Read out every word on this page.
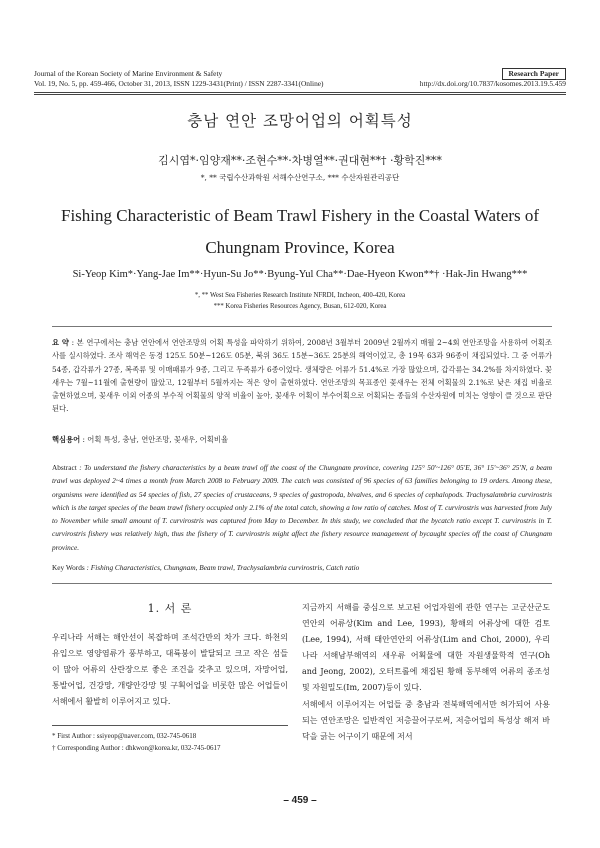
Journal of the Korean Society of Marine Environment & Safety
Vol. 19, No. 5, pp. 459-466, October 31, 2013, ISSN 1229-3431(Print) / ISSN 2287-3341(Online)
Research Paper
http://dx.doi.org/10.7837/kosomes.2013.19.5.459
충남 연안 조망어업의 어획특성
김시엽*·임양재**·조현수**·차병열**·권대현**† ·황학진***
*, ** 국립수산과학원 서해수산연구소, *** 수산자원관리공단
Fishing Characteristic of Beam Trawl Fishery in the Coastal Waters of Chungnam Province, Korea
Si-Yeop Kim*·Yang-Jae Im**·Hyun-Su Jo**·Byung-Yul Cha**·Dae-Hyeon Kwon**† ·Hak-Jin Hwang***
*, ** West Sea Fisheries Research Institute NFRDI, Incheon, 400-420, Korea
*** Korea Fisheries Resources Agency, Busan, 612-020, Korea
요 약 : 본 연구에서는 충남 연안에서 연안조망의 어획 특성을 파악하기 위하여, 2008년 3월부터 2009년 2월까지 매월 2~4회 연안조망을 사용하여 어획조사를 실시하였다. 조사 해역은 동경 125도 50분~126도 05분, 북위 36도 15분~36도 25분의 해역이었고, 총 19목 63과 96종이 채집되었다. 그 중 어류가 54종, 갑각류가 27종, 복족류 및 이매패류가 9종, 그리고 두족류가 6종이었다. 생체량은 어류가 51.4%로 가장 많았으며, 갑각류는 34.2%를 차지하였다. 꽃새우는 7월~11월에 출현량이 많았고, 12월부터 5월까지는 적은 양이 출현하였다. 연안조망의 목표종인 꽃새우는 전체 어획물의 2.1%로 낮은 채집 비율로 출현하였으며, 꽃새우 이외 어종의 부수적 어획물의 양적 비율이 높아, 꽃새우 어획이 부수어획으로 어획되는 종들의 수산자원에 미치는 영향이 클 것으로 판단된다.
핵심용어 : 어획 특성, 충남, 연안조망, 꽃새우, 어획비율
Abstract : To understand the fishery characteristics by a beam trawl off the coast of the Chungnam province, covering 125° 50'~126° 05'E, 36° 15'~36° 25'N, a beam trawl was deployed 2~4 times a month from March 2008 to February 2009. The catch was consisted of 96 species of 63 families belonging to 19 orders. Among these, organisms were identified as 54 species of fish, 27 species of crustaceans, 9 species of gastropoda, bivalves, and 6 species of cephalopods. Trachysalambria curvirostris which is the target species of the beam trawl fishery occupied only 2.1% of the total catch, showing a low ratio of catches. Most of T. curvirostris was harvested from July to November while small amount of T. curvirostris was captured from May to December. In this study, we concluded that the bycatch ratio except T. curvirostris in T. curvirostris fishery was relatively high, thus the fishery of T. curvirostris might affect the fishery resource management of bycaught species off the coast of Chungnam province.
Key Words : Fishing Characteristics, Chungnam, Beam trawl, Trachysalambria curvirostris, Catch ratio
1. 서 론

우리나라 서해는 해안선이 복잡하며 조석간만의 차가 크다. 하천의 유입으로 영양염류가 풍부하고, 대륙붕이 발달되고 크고 작은 섬들이 많아 어류의 산란장으로 좋은 조건을 갖추고 있으며, 자망어업, 통발어업, 건강망, 개량안강망 및 구획어업을 비롯한 많은 어업들이 서해에서 활발히 이루어지고 있다.

지금까지 서해를 중심으로 보고된 어업자원에 관한 연구는 고군산군도 연안의 어류상(Kim and Lee, 1993), 황해의 어류상에 대한 검토(Lee, 1994), 서해 태안연안의 어류상(Lim and Choi, 2000), 우리나라 서해남부해역의 새우류 어획물에 대한 자원생물학적 연구(Oh and Jeong, 2002), 오터트롤에 채집된 황해 동부해역 어류의 종조성 및 자원밀도(Im, 2007)등이 있다.

서해에서 이루어지는 어업들 중 충남과 전북해역에서만 허가되어 사용되는 연안조망은 일반적인 저층끌어구로써, 저층어업의 특성상 해저 바닥을 긁는 어구이기 때문에 저서

* First Author : ssiyeop@naver.com, 032-745-0618
† Corresponding Author : dhkwon@korea.kr, 032-745-0617
– 459 –
